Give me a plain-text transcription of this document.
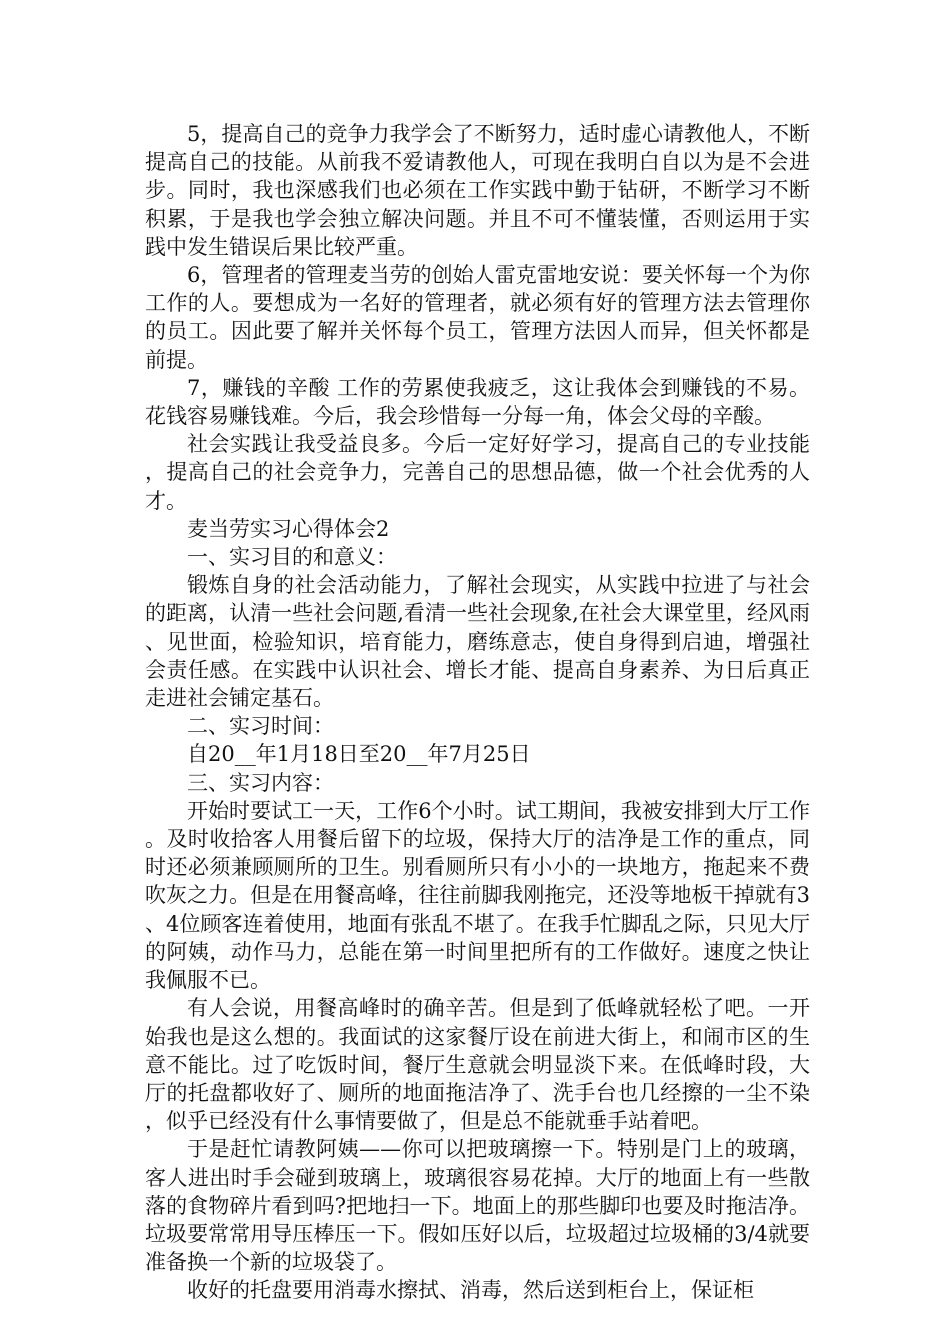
5，提高自己的竞争力我学会了不断努力，适时虚心请教他人，不断提高自己的技能。从前我不爱请教他人，可现在我明白自以为是不会进步。同时，我也深感我们也必须在工作实践中勤于钻研，不断学习不断积累，于是我也学会独立解决问题。并且不可不懂装懂，否则运用于实践中发生错误后果比较严重。

6，管理者的管理麦当劳的创始人雷克雷地安说：要关怀每一个为你工作的人。要想成为一名好的管理者，就必须有好的管理方法去管理你的员工。因此要了解并关怀每个员工，管理方法因人而异，但关怀都是前提。

7，赚钱的辛酸 工作的劳累使我疲乏，这让我体会到赚钱的不易。花钱容易赚钱难。今后，我会珍惜每一分每一角，体会父母的辛酸。

社会实践让我受益良多。今后一定好好学习，提高自己的专业技能，提高自己的社会竞争力，完善自己的思想品德，做一个社会优秀的人才。

麦当劳实习心得体会2

一、实习目的和意义：

锻炼自身的社会活动能力，了解社会现实，从实践中拉进了与社会的距离，认清一些社会问题,看清一些社会现象,在社会大课堂里，经风雨、见世面，检验知识，培育能力，磨练意志，使自身得到启迪，增强社会责任感。在实践中认识社会、增长才能、提高自身素养、为日后真正走进社会铺定基石。

二、实习时间：

自20__年1月18日至20__年7月25日

三、实习内容：

开始时要试工一天，工作6个小时。试工期间，我被安排到大厅工作。及时收拾客人用餐后留下的垃圾，保持大厅的洁净是工作的重点，同时还必须兼顾厕所的卫生。别看厕所只有小小的一块地方，拖起来不费吹灰之力。但是在用餐高峰，往往前脚我刚拖完，还没等地板干掉就有3、4位顾客连着使用，地面有张乱不堪了。在我手忙脚乱之际，只见大厅的阿姨，动作马力，总能在第一时间里把所有的工作做好。速度之快让我佩服不已。

有人会说，用餐高峰时的确辛苦。但是到了低峰就轻松了吧。一开始我也是这么想的。我面试的这家餐厅设在前进大街上，和闹市区的生意不能比。过了吃饭时间，餐厅生意就会明显淡下来。在低峰时段，大厅的托盘都收好了、厕所的地面拖洁净了、洗手台也几经擦的一尘不染，似乎已经没有什么事情要做了，但是总不能就垂手站着吧。

于是赶忙请教阿姨——你可以把玻璃擦一下。特别是门上的玻璃，客人进出时手会碰到玻璃上，玻璃很容易花掉。大厅的地面上有一些散落的食物碎片看到吗?把地扫一下。地面上的那些脚印也要及时拖洁净。垃圾要常常用导压棒压一下。假如压好以后，垃圾超过垃圾桶的3/4就要准备换一个新的垃圾袋了。

收好的托盘要用消毒水擦拭、消毒，然后送到柜台上，保证柜
